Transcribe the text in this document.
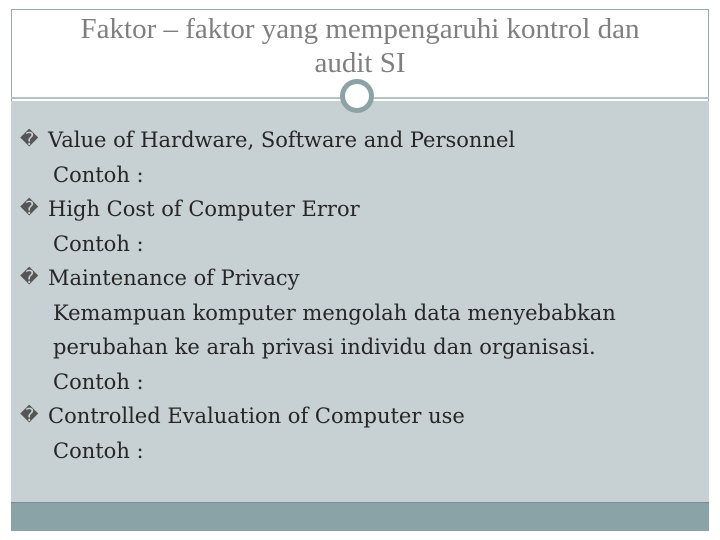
Faktor – faktor yang mempengaruhi kontrol dan
audit SI
� Value of Hardware, Software and Personnel
Contoh :
� High Cost of Computer Error
Contoh :
� Maintenance of Privacy
Kemampuan komputer mengolah data menyebabkan
perubahan ke arah privasi individu dan organisasi.
Contoh :
� Controlled Evaluation of Computer use
Contoh :
